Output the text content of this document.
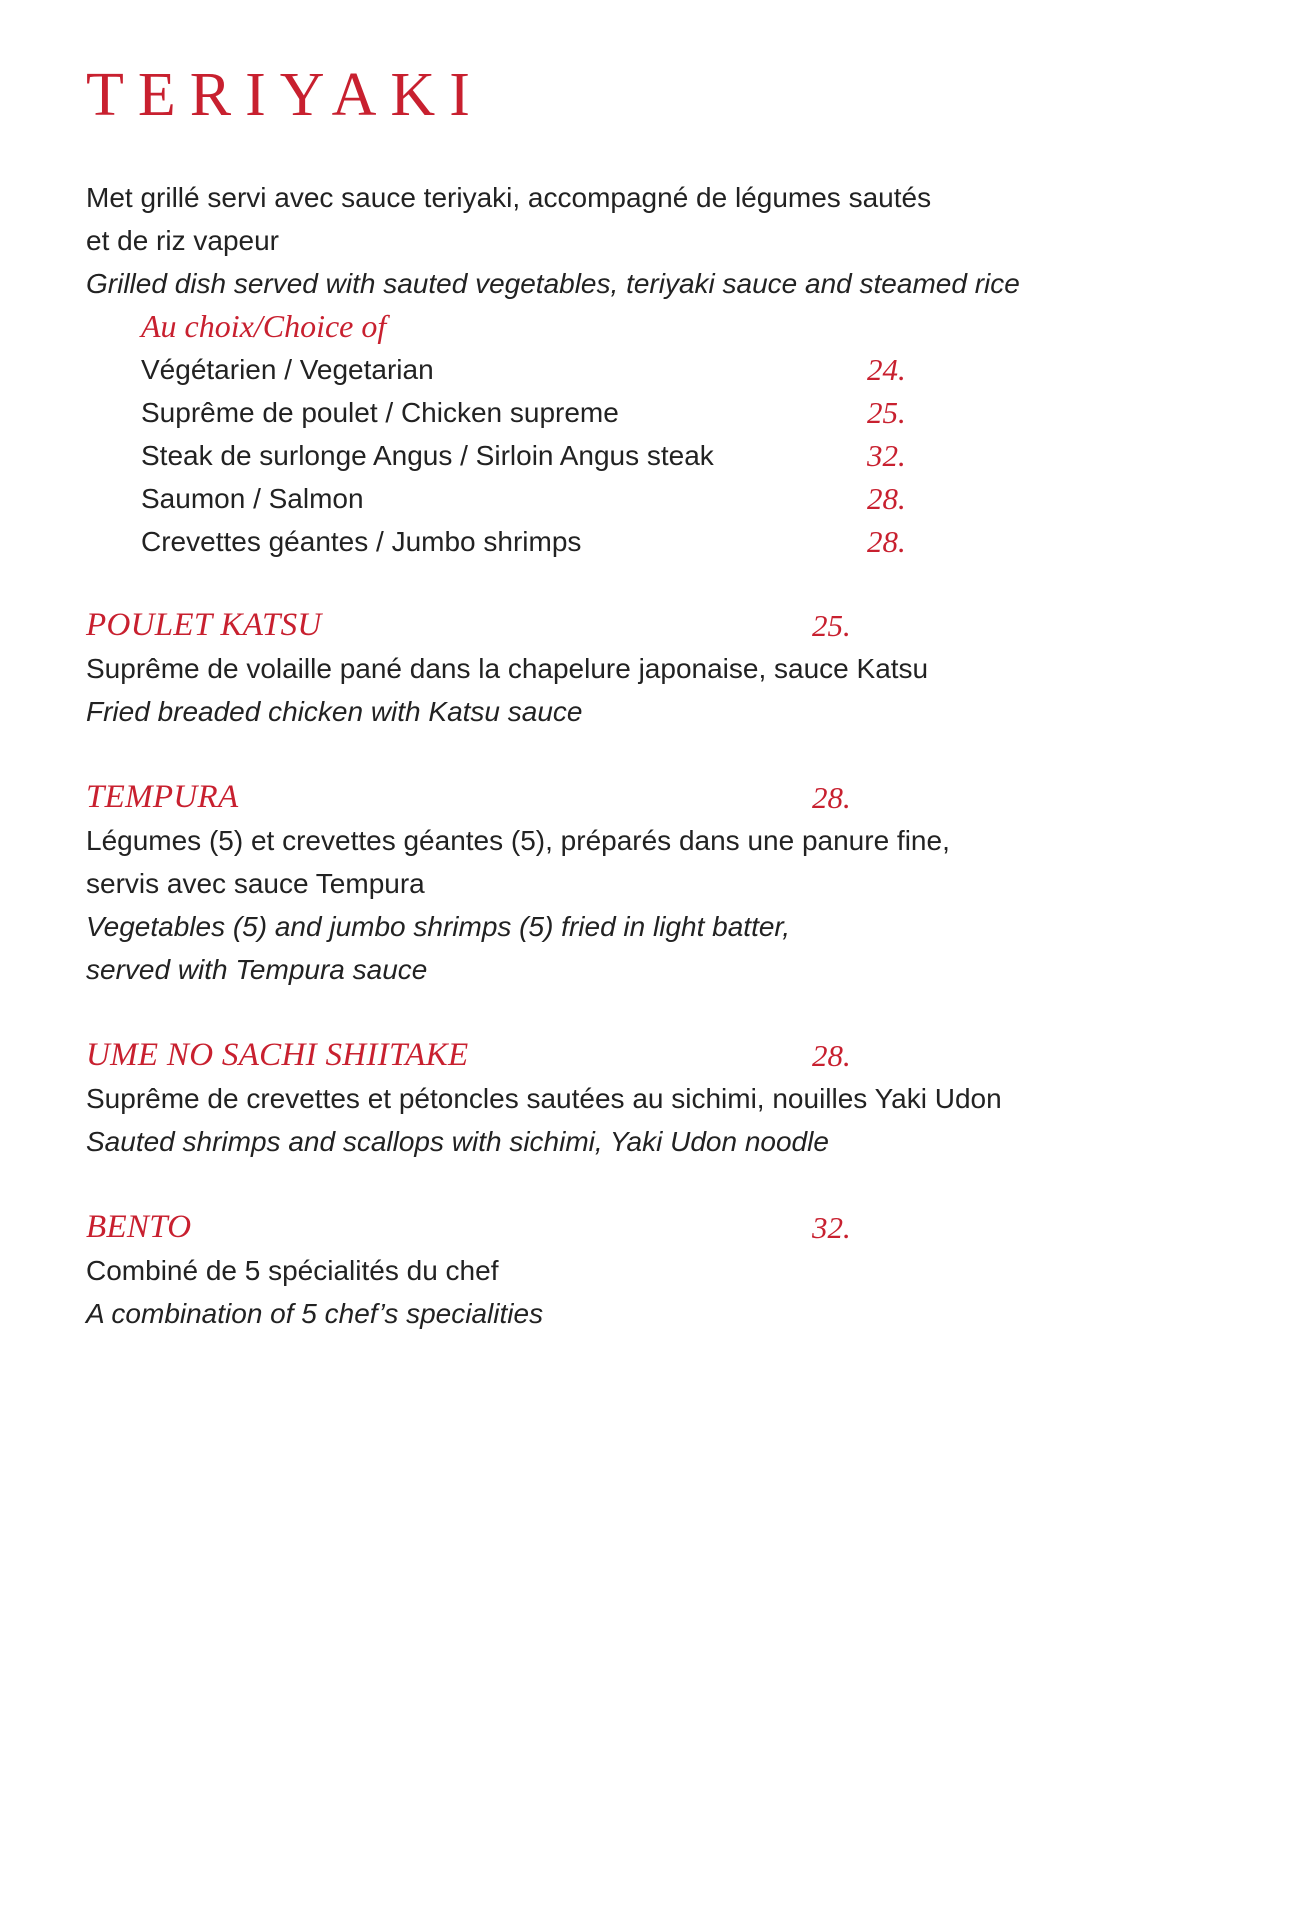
TERIYAKI
Met grillé servi avec sauce teriyaki, accompagné de légumes sautés
et de riz vapeur
Grilled dish served with sauted vegetables, teriyaki sauce and steamed rice
Au choix/Choice of
Végétarien / Vegetarian	24.
Suprême de poulet / Chicken supreme	25.
Steak de surlonge Angus / Sirloin Angus steak	32.
Saumon / Salmon	28.
Crevettes géantes / Jumbo shrimps	28.
POULET KATSU	25.
Suprême de volaille pané dans la chapelure japonaise, sauce Katsu
Fried breaded chicken with Katsu sauce
TEMPURA	28.
Légumes (5) et crevettes géantes (5), préparés dans une panure fine,
servis avec sauce Tempura
Vegetables (5) and jumbo shrimps (5) fried in light batter,
served with Tempura sauce
UME NO SACHI SHIITAKE	28.
Suprême de crevettes et pétoncles sautées au sichimi, nouilles Yaki Udon
Sauted shrimps and scallops with sichimi, Yaki Udon noodle
BENTO	32.
Combiné de 5 spécialités du chef
A combination of 5 chef’s specialities
